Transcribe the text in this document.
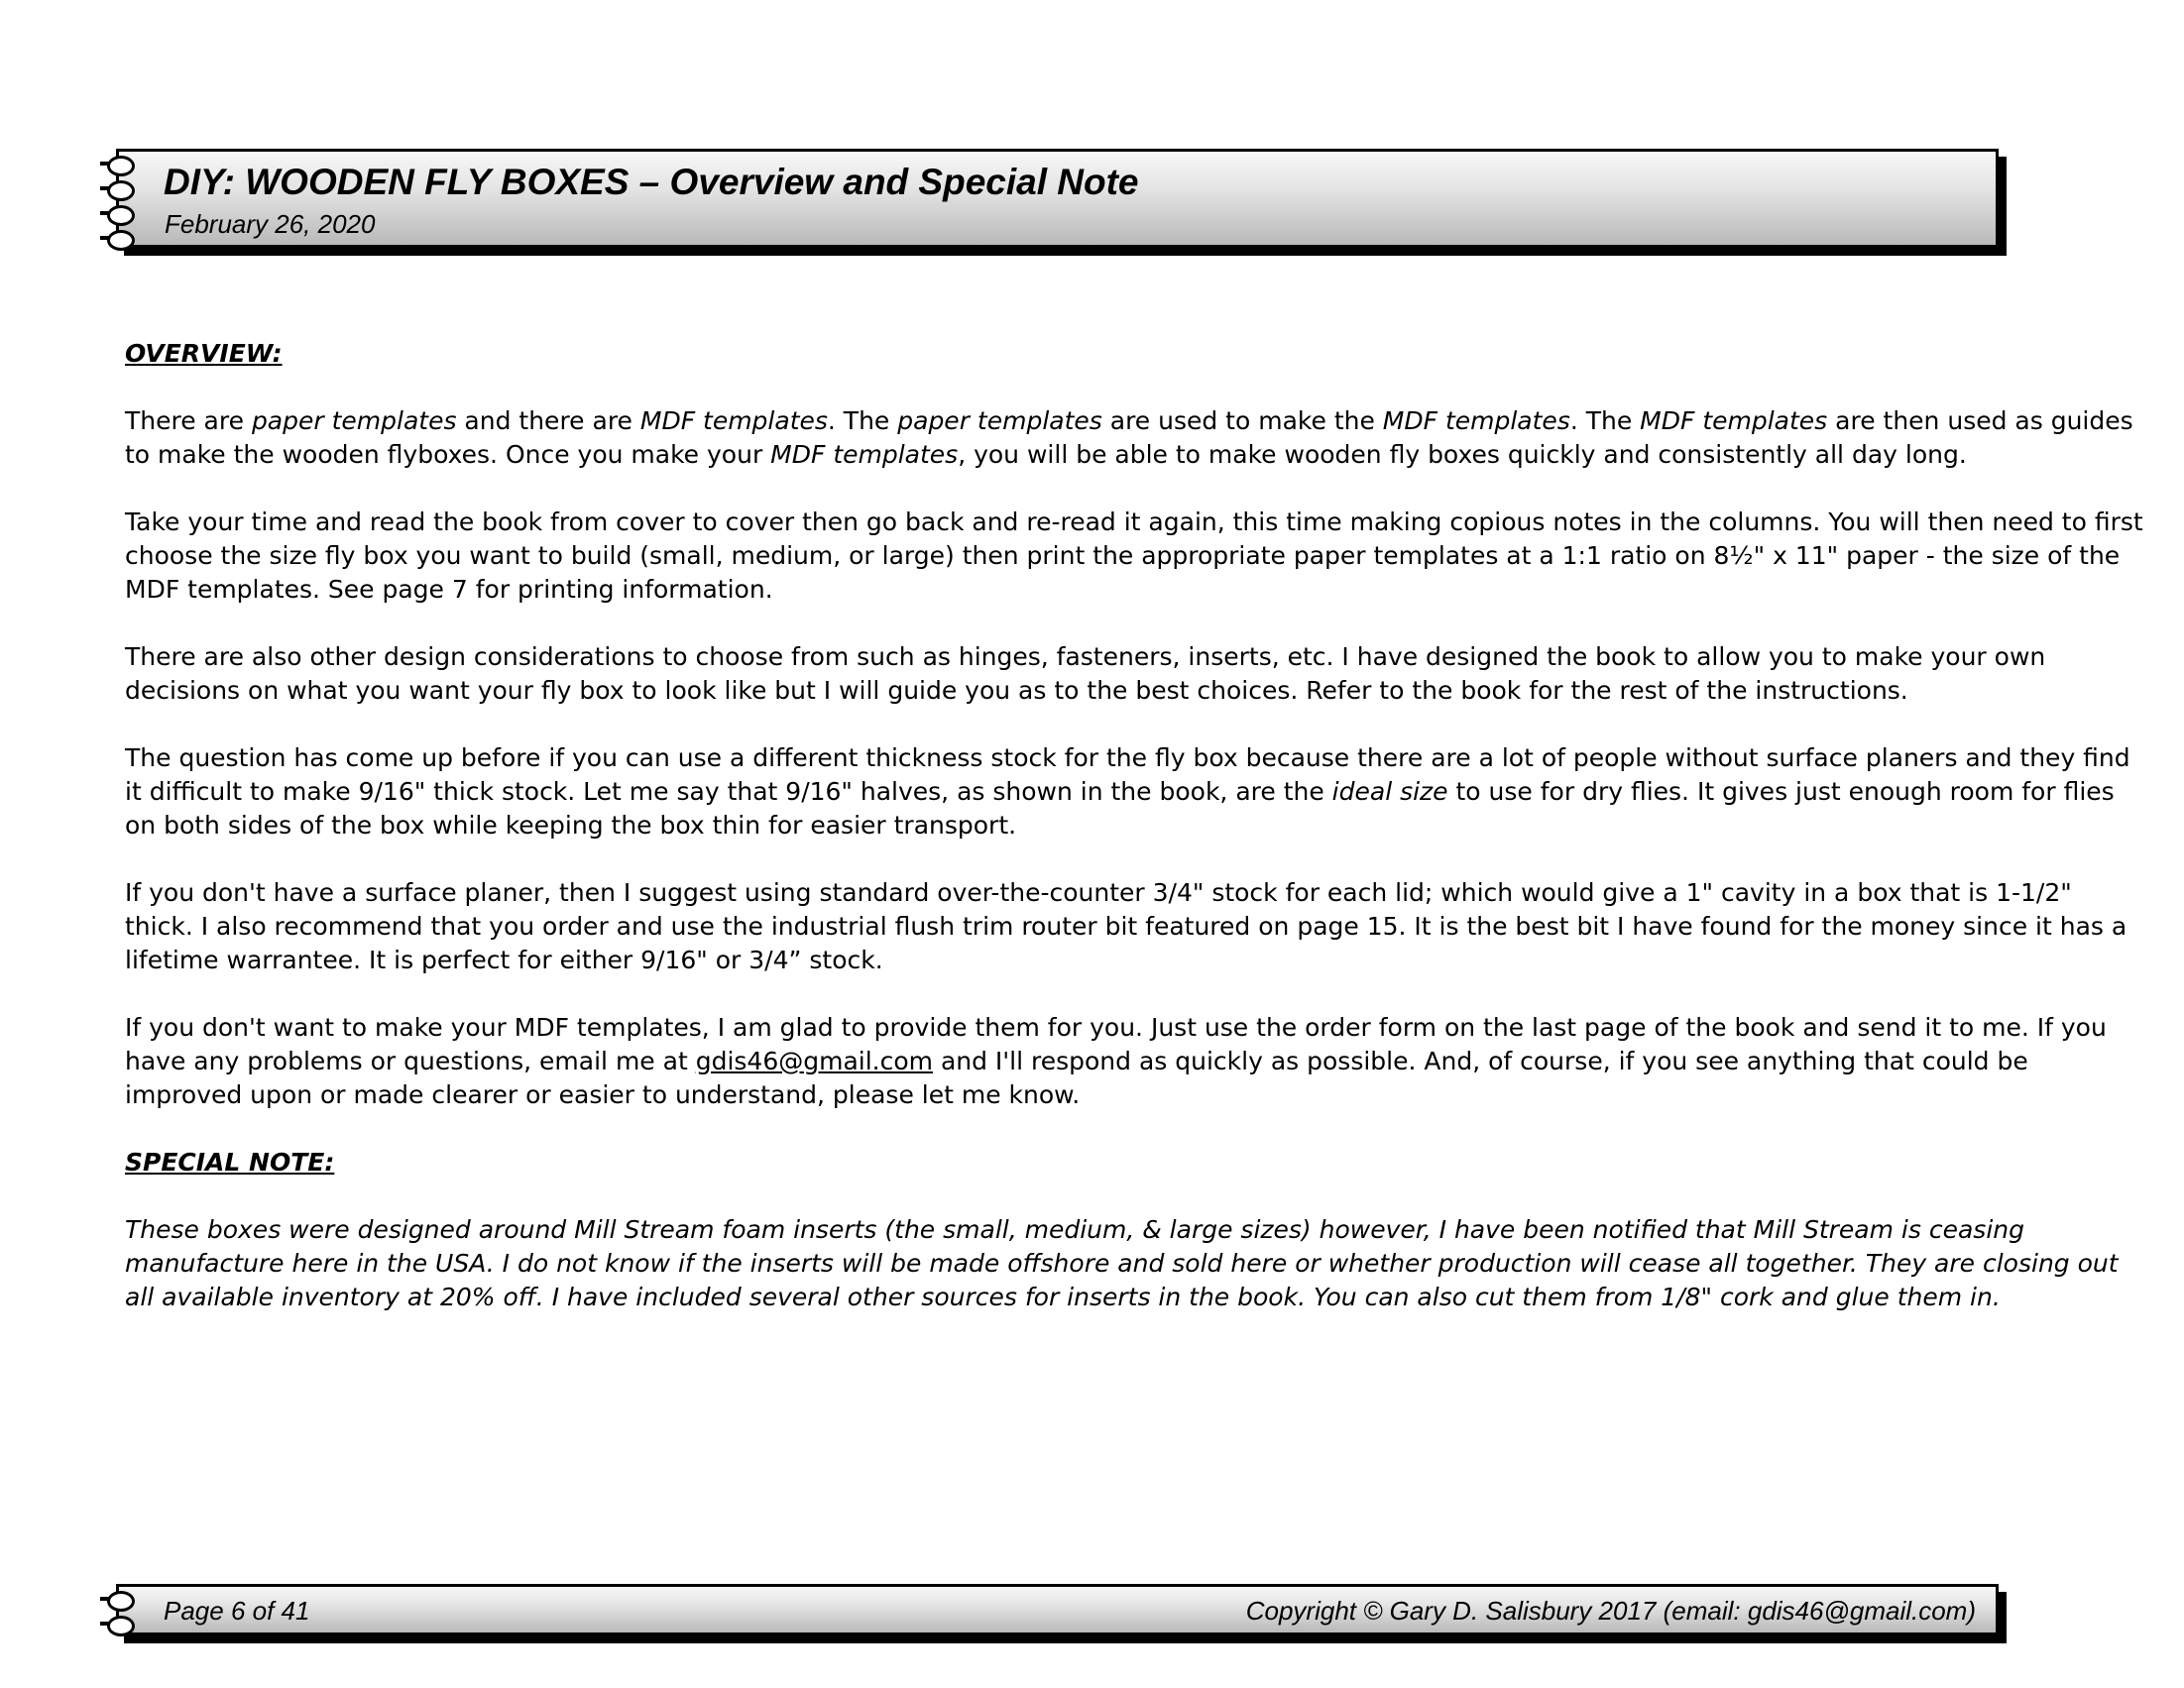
DIY: WOODEN FLY BOXES – Overview and Special Note
February 26, 2020

OVERVIEW:

There are paper templates and there are MDF templates. The paper templates are used to make the MDF templates. The MDF templates are then used as guides to make the wooden flyboxes. Once you make your MDF templates, you will be able to make wooden fly boxes quickly and consistently all day long.

Take your time and read the book from cover to cover then go back and re-read it again, this time making copious notes in the columns. You will then need to first choose the size fly box you want to build (small, medium, or large) then print the appropriate paper templates at a 1:1 ratio on 8½" x 11" paper - the size of the MDF templates. See page 7 for printing information.

There are also other design considerations to choose from such as hinges, fasteners, inserts, etc. I have designed the book to allow you to make your own decisions on what you want your fly box to look like but I will guide you as to the best choices. Refer to the book for the rest of the instructions.

The question has come up before if you can use a different thickness stock for the fly box because there are a lot of people without surface planers and they find it difficult to make 9/16" thick stock. Let me say that 9/16" halves, as shown in the book, are the ideal size to use for dry flies. It gives just enough room for flies on both sides of the box while keeping the box thin for easier transport.

If you don't have a surface planer, then I suggest using standard over-the-counter 3/4" stock for each lid; which would give a 1" cavity in a box that is 1-1/2" thick. I also recommend that you order and use the industrial flush trim router bit featured on page 15. It is the best bit I have found for the money since it has a lifetime warrantee. It is perfect for either 9/16" or 3/4” stock.

If you don't want to make your MDF templates, I am glad to provide them for you. Just use the order form on the last page of the book and send it to me. If you have any problems or questions, email me at gdis46@gmail.com and I'll respond as quickly as possible. And, of course, if you see anything that could be improved upon or made clearer or easier to understand, please let me know.

SPECIAL NOTE:

These boxes were designed around Mill Stream foam inserts (the small, medium, & large sizes) however, I have been notified that Mill Stream is ceasing manufacture here in the USA. I do not know if the inserts will be made offshore and sold here or whether production will cease all together. They are closing out all available inventory at 20% off. I have included several other sources for inserts in the book. You can also cut them from 1/8" cork and glue them in.

Page 6 of 41	Copyright © Gary D. Salisbury 2017 (email: gdis46@gmail.com)
